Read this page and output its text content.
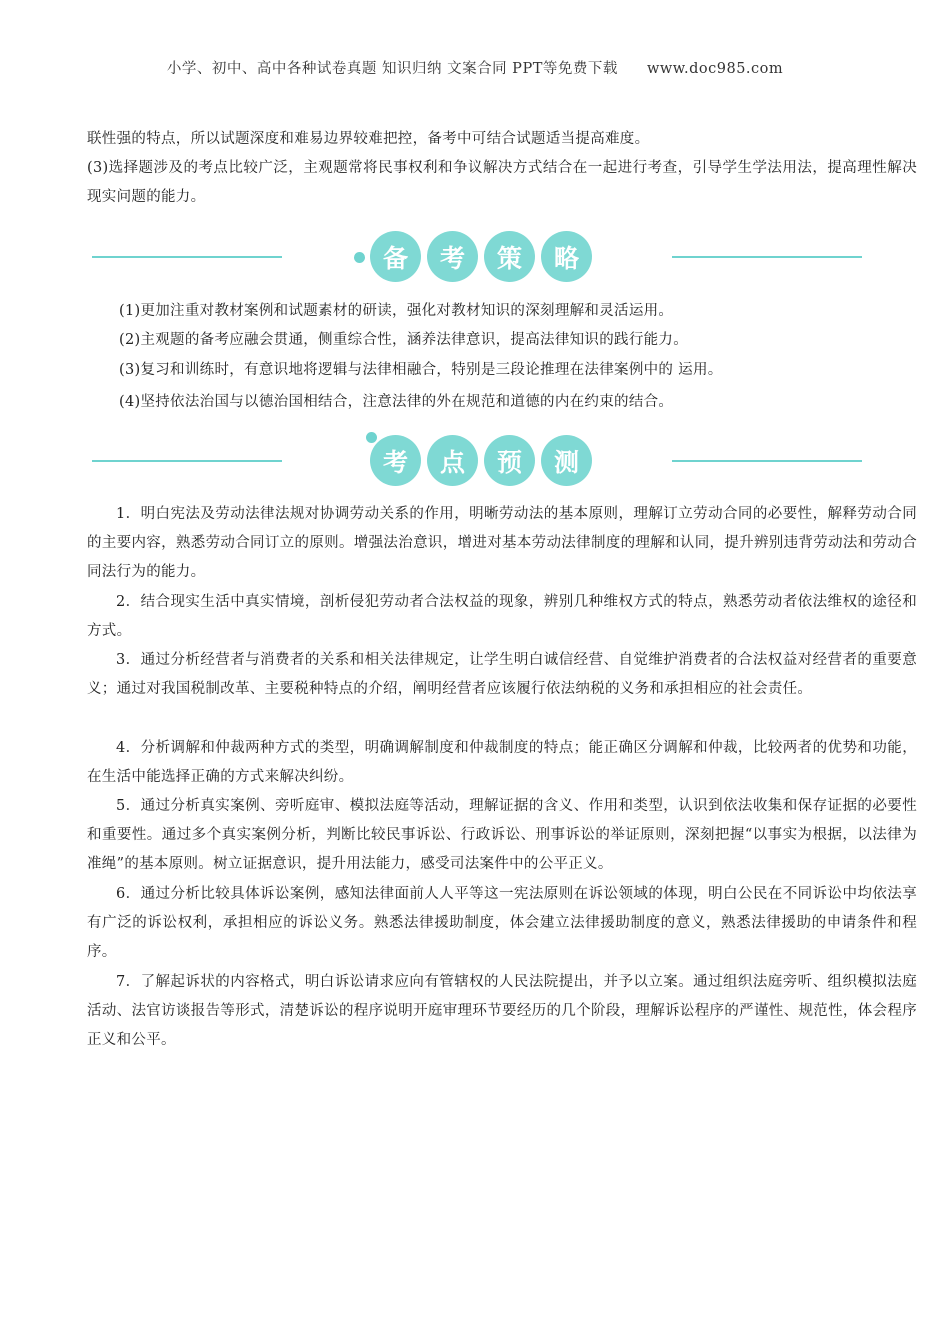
小学、初中、高中各种试卷真题 知识归纳 文案合同 PPT等免费下载 www.doc985.com
联性强的特点，所以试题深度和难易边界较难把控，备考中可结合试题适当提高难度。
(3)选择题涉及的考点比较广泛，主观题常将民事权利和争议解决方式结合在一起进行考查，引导学生学法用法，提高理性解决现实问题的能力。
备	考	策	略
(1)更加注重对教材案例和试题素材的研读，强化对教材知识的深刻理解和灵活运用。
(2)主观题的备考应融会贯通，侧重综合性，涵养法律意识，提高法律知识的践行能力。
(3)复习和训练时，有意识地将逻辑与法律相融合，特别是三段论推理在法律案例中的 运用。
(4)坚持依法治国与以德治国相结合，注意法律的外在规范和道德的内在约束的结合。
考	点	预	测
1．明白宪法及劳动法律法规对协调劳动关系的作用，明晰劳动法的基本原则，理解订立劳动合同的必要性，解释劳动合同的主要内容，熟悉劳动合同订立的原则。增强法治意识，增进对基本劳动法律制度的理解和认同，提升辨别违背劳动法和劳动合同法行为的能力。
2．结合现实生活中真实情境，剖析侵犯劳动者合法权益的现象，辨别几种维权方式的特点，熟悉劳动者依法维权的途径和方式。
3．通过分析经营者与消费者的关系和相关法律规定，让学生明白诚信经营、自觉维护消费者的合法权益对经营者的重要意义；通过对我国税制改革、主要税种特点的介绍，阐明经营者应该履行依法纳税的义务和承担相应的社会责任。
4．分析调解和仲裁两种方式的类型，明确调解制度和仲裁制度的特点；能正确区分调解和仲裁，比较两者的优势和功能，在生活中能选择正确的方式来解决纠纷。
5．通过分析真实案例、旁听庭审、模拟法庭等活动，理解证据的含义、作用和类型，认识到依法收集和保存证据的必要性和重要性。通过多个真实案例分析，判断比较民事诉讼、行政诉讼、刑事诉讼的举证原则，深刻把握“以事实为根据，以法律为准绳”的基本原则。树立证据意识，提升用法能力，感受司法案件中的公平正义。
6．通过分析比较具体诉讼案例，感知法律面前人人平等这一宪法原则在诉讼领域的体现，明白公民在不同诉讼中均依法享有广泛的诉讼权利，承担相应的诉讼义务。熟悉法律援助制度，体会建立法律援助制度的意义，熟悉法律援助的申请条件和程序。
7．了解起诉状的内容格式，明白诉讼请求应向有管辖权的人民法院提出，并予以立案。通过组织法庭旁听、组织模拟法庭活动、法官访谈报告等形式，清楚诉讼的程序说明开庭审理环节要经历的几个阶段，理解诉讼程序的严谨性、规范性，体会程序正义和公平。
